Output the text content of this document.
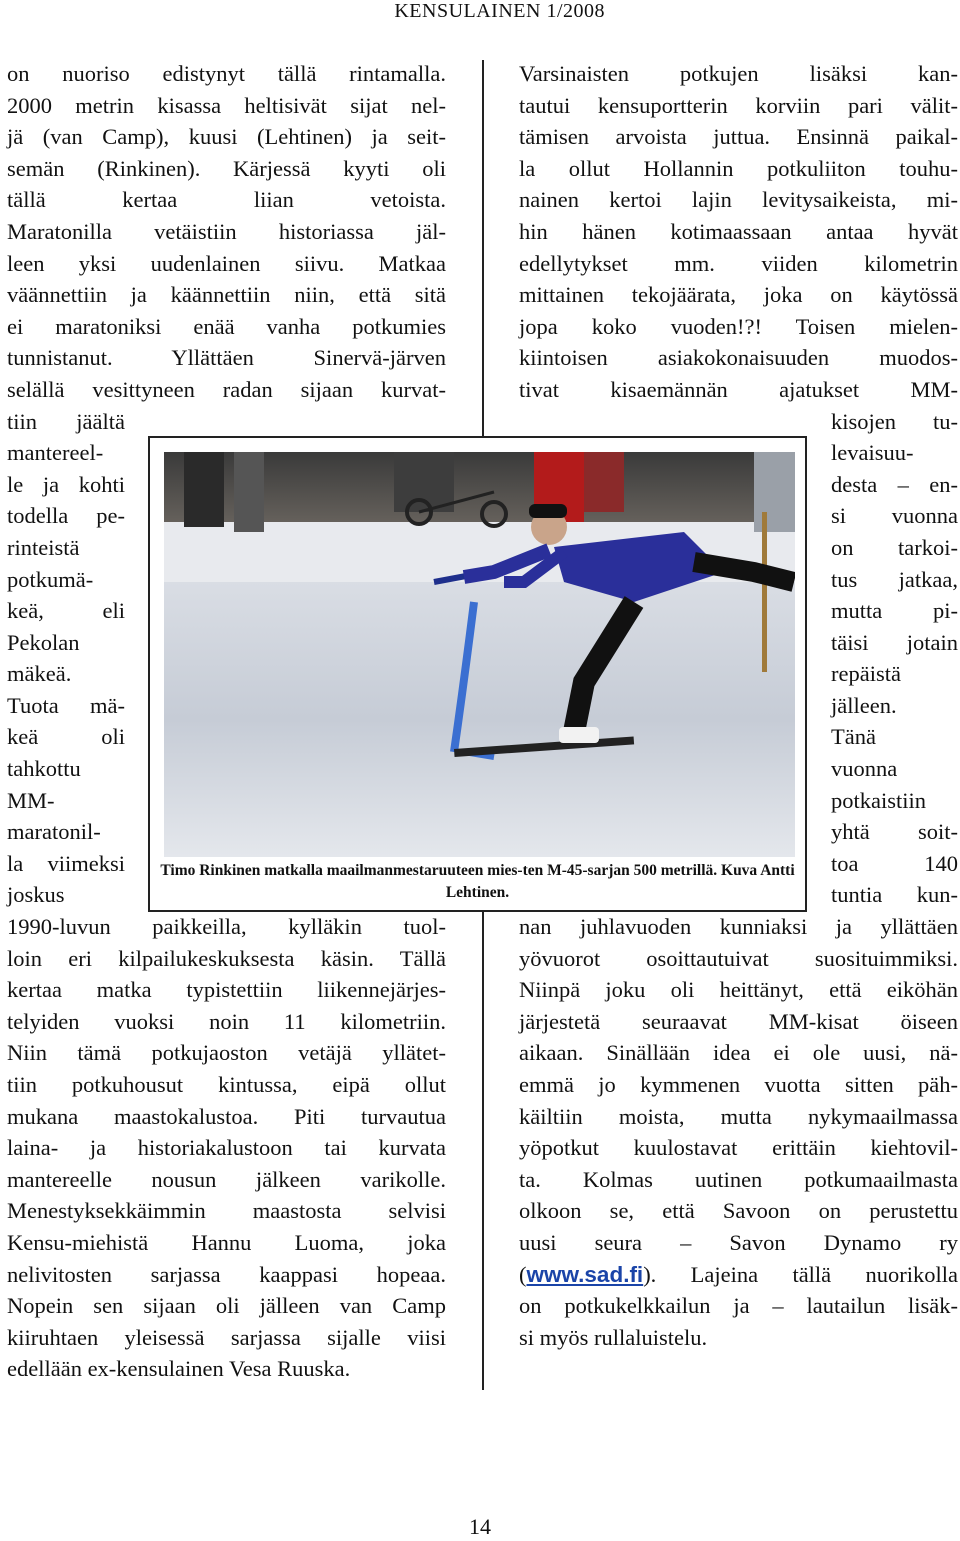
KENSULAINEN 1/2008
on nuoriso edistynyt tällä rintamalla.
2000 metrin kisassa heltisivät sijat nel-
jä (van Camp), kuusi (Lehtinen) ja seit-
semän (Rinkinen). Kärjessä kyyti oli
tällä kertaa liian vetoista.
Maratonilla vetäistiin historiassa jäl-
leen yksi uudenlainen siivu. Matkaa
väännettiin ja käännettiin niin, että sitä
ei maratoniksi enää vanha potkumies
tunnistanut. Yllättäen Sinervä-järven
selällä vesittyneen radan sijaan kurvat-
tiin jäältä
mantereel-
le ja kohti
todella pe-
rinteistä
potkumä-
keä, eli
Pekolan
mäkeä.
Tuota mä-
keä oli
tahkottu
MM-
maratonil-
la viimeksi
joskus
1990-luvun paikkeilla, kylläkin tuol-
loin eri kilpailukeskuksesta käsin. Tällä
kertaa matka typistettiin liikennejärjes-
telyiden vuoksi noin 11 kilometriin.
Niin tämä potkujaoston vetäjä yllätet-
tiin potkuhousut kintussa, eipä ollut
mukana maastokalustoa. Piti turvautua
laina- ja historiakalustoon tai kurvata
mantereelle nousun jälkeen varikolle.
Menestyksekkäimmin maastosta selvisi
Kensu-miehistä Hannu Luoma, joka
nelivitosten sarjassa kaappasi hopeaa.
Nopein sen sijaan oli jälleen van Camp
kiiruhtaen yleisessä sarjassa sijalle viisi
edellään ex-kensulainen Vesa Ruuska.
Varsinaisten potkujen lisäksi kan-
tautui kensuportterin korviin pari välit-
tämisen arvoista juttua. Ensinnä paikal-
la ollut Hollannin potkuliiton touhu-
nainen kertoi lajin levitysaikeista, mi-
hin hänen kotimaassaan antaa hyvät
edellytykset mm. viiden kilometrin
mittainen tekojäärata, joka on käytössä
jopa koko vuoden!?! Toisen mielen-
kiintoisen asiakokonaisuuden muodos-
tivat kisaemännän ajatukset MM-
kisojen tu-
levaisuu-
desta – en-
si vuonna
on tarkoi-
tus jatkaa,
mutta pi-
täisi jotain
repäistä
jälleen.
Tänä
vuonna
potkaistiin
yhtä soit-
toa 140
tuntia kun-
nan juhlavuoden kunniaksi ja yllättäen
yövuorot osoittautuivat suosituimmiksi.
Niinpä joku oli heittänyt, että eiköhän
järjestetä seuraavat MM-kisat öiseen
aikaan. Sinällään idea ei ole uusi, nä-
emmä jo kymmenen vuotta sitten päh-
käiltiin moista, mutta nykymaailmassa
yöpotkut kuulostavat erittäin kiehtovil-
ta. Kolmas uutinen potkumaailmasta
olkoon se, että Savoon on perustettu
uusi seura – Savon Dynamo ry
(www.sad.fi). Lajeina tällä nuorikolla
on potkukelkkailun ja – lautailun lisäk-
si myös rullaluistelu.
Timo Rinkinen matkalla maailmanmestaruuteen mies-ten M-45-sarjan 500 metrillä. Kuva Antti Lehtinen.
14
